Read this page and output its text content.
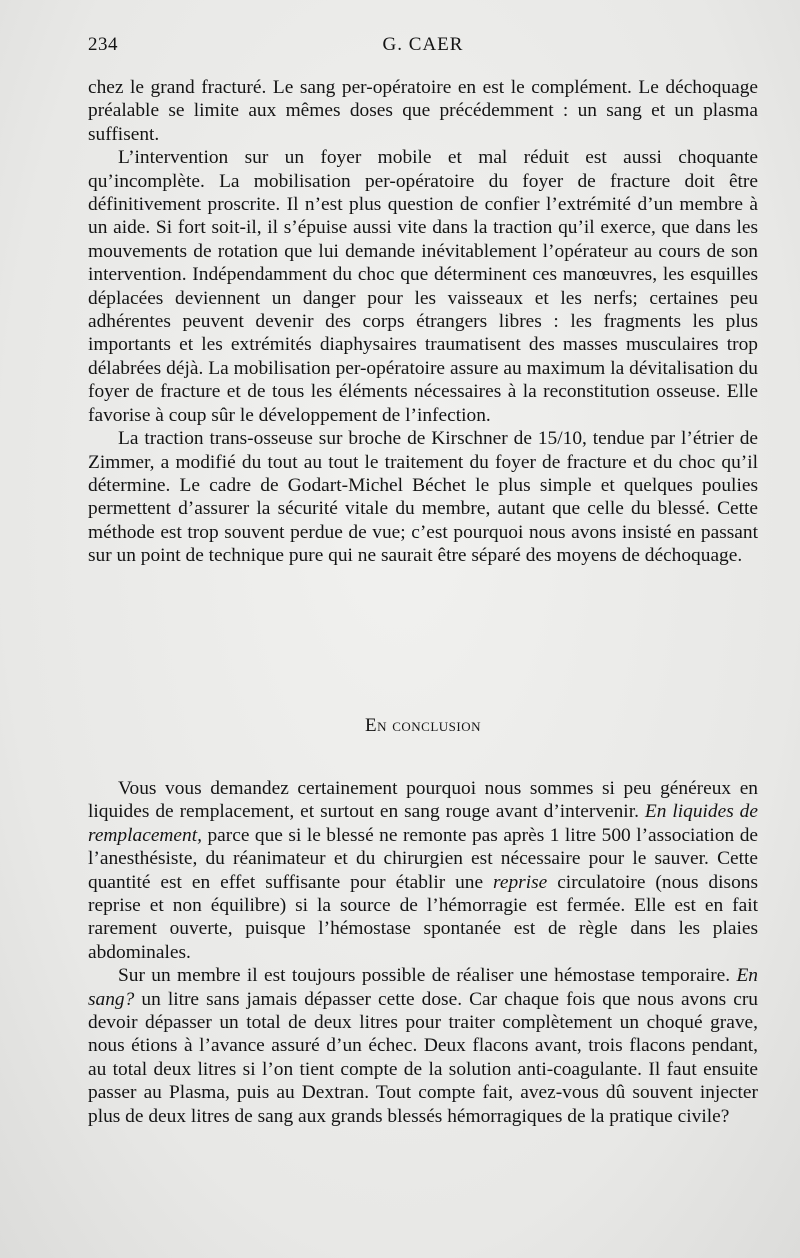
234	G. CAER

chez le grand fracturé. Le sang per-opératoire en est le complément. Le déchoquage préalable se limite aux mêmes doses que précédemment : un sang et un plasma suffisent.

L’intervention sur un foyer mobile et mal réduit est aussi choquante qu’incomplète. La mobilisation per-opératoire du foyer de fracture doit être définitivement proscrite. Il n’est plus question de confier l’extrémité d’un membre à un aide. Si fort soit-il, il s’épuise aussi vite dans la traction qu’il exerce, que dans les mouvements de rotation que lui demande inévitablement l’opérateur au cours de son intervention. Indépendamment du choc que déterminent ces manœuvres, les esquilles déplacées deviennent un danger pour les vaisseaux et les nerfs; certaines peu adhérentes peuvent devenir des corps étrangers libres : les fragments les plus importants et les extrémités diaphysaires traumatisent des masses musculaires trop délabrées déjà. La mobilisation per-opératoire assure au maximum la dévitalisation du foyer de fracture et de tous les éléments nécessaires à la reconstitution osseuse. Elle favorise à coup sûr le développement de l’infection.

La traction trans-osseuse sur broche de Kirschner de 15/10, tendue par l’étrier de Zimmer, a modifié du tout au tout le traitement du foyer de fracture et du choc qu’il détermine. Le cadre de Godart-Michel Béchet le plus simple et quelques poulies permettent d’assurer la sécurité vitale du membre, autant que celle du blessé. Cette méthode est trop souvent perdue de vue; c’est pourquoi nous avons insisté en passant sur un point de technique pure qui ne saurait être séparé des moyens de déchoquage.

En conclusion

Vous vous demandez certainement pourquoi nous sommes si peu généreux en liquides de remplacement, et surtout en sang rouge avant d’intervenir. En liquides de remplacement, parce que si le blessé ne remonte pas après 1 litre 500 l’association de l’anesthésiste, du réanimateur et du chirurgien est nécessaire pour le sauver. Cette quantité est en effet suffisante pour établir une reprise circulatoire (nous disons reprise et non équilibre) si la source de l’hémorragie est fermée. Elle est en fait rarement ouverte, puisque l’hémostase spontanée est de règle dans les plaies abdominales.

Sur un membre il est toujours possible de réaliser une hémostase temporaire. En sang? un litre sans jamais dépasser cette dose. Car chaque fois que nous avons cru devoir dépasser un total de deux litres pour traiter complètement un choqué grave, nous étions à l’avance assuré d’un échec. Deux flacons avant, trois flacons pendant, au total deux litres si l’on tient compte de la solution anti-coagulante. Il faut ensuite passer au Plasma, puis au Dextran. Tout compte fait, avez-vous dû souvent injecter plus de deux litres de sang aux grands blessés hémorragiques de la pratique civile?
